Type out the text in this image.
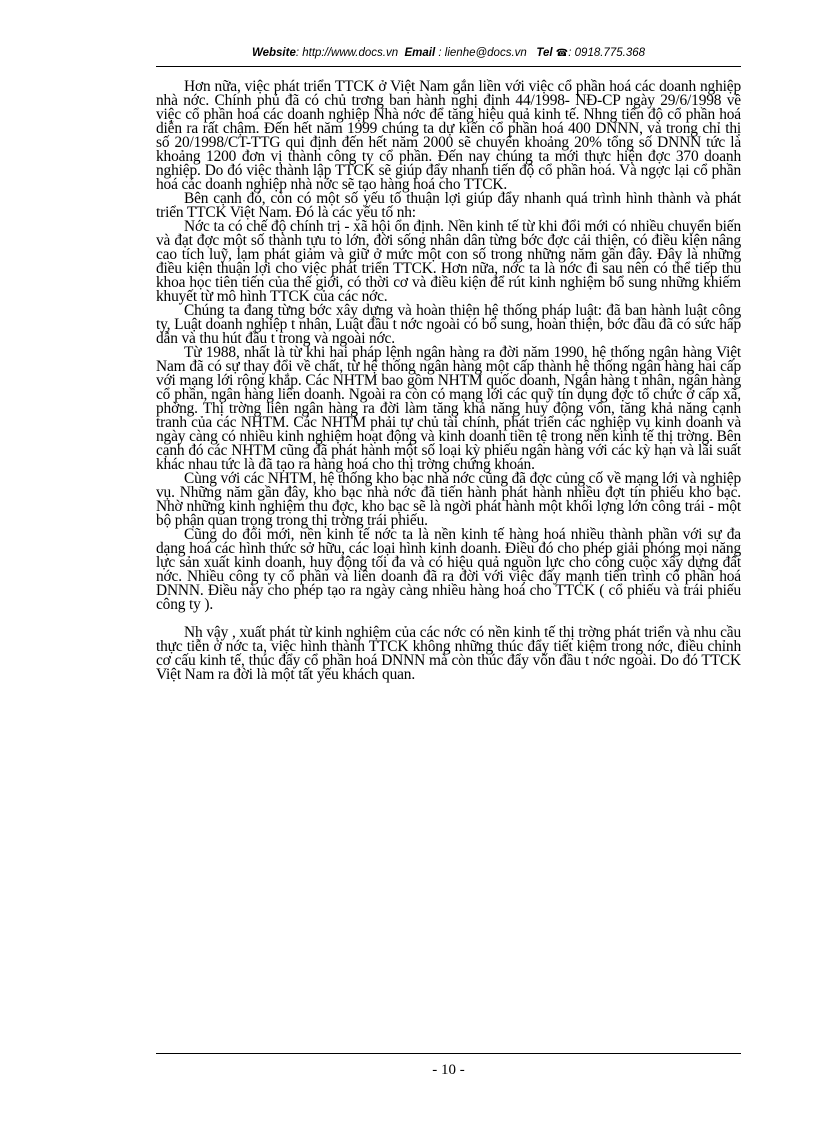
Website: http://www.docs.vn Email : lienhe@docs.vn Tel ☎: 0918.775.368

Hơn nữa, việc phát triển TTCK ở Việt Nam gắn liền với việc cổ phần hoá các doanh nghiệp nhà nớc. Chính phủ đã có chủ trơng ban hành nghị định 44/1998- NĐ-CP ngày 29/6/1998 về việc cổ phần hoá các doanh nghiệp Nhà nớc để tăng hiệu quả kinh tế. Nhng tiến độ cổ phần hoá diễn ra rất chậm. Đến hết năm 1999 chúng ta dự kiến cổ phần hoá 400 DNNN, và trong chỉ thị số 20/1998/CT-TTG qui định đến hết năm 2000 sẽ chuyển khoảng 20% tổng số DNNN tức là khoảng 1200 đơn vị thành công ty cổ phần. Đến nay chúng ta mới thực hiện đợc 370 doanh nghiệp. Do đó việc thành lập TTCK sẽ giúp đẩy nhanh tiến độ cổ phần hoá. Và ngợc lại cổ phần hoá các doanh nghiệp nhà nớc sẽ tạo hàng hoá cho TTCK.

Bên cạnh đó, còn có một số yếu tố thuận lợi giúp đẩy nhanh quá trình hình thành và phát triển TTCK Việt Nam. Đó là các yếu tố nh:

Nớc ta có chế độ chính trị - xã hội ổn định. Nền kinh tế từ khi đổi mới có nhiều chuyển biến và đạt đợc một số thành tựu to lớn, đời sống nhân dân từng bớc đợc cải thiện, có điều kiện nâng cao tích luỹ, lạm phát giảm và giữ ở mức một con số trong những năm gần đây. Đây là những điều kiện thuận lợi cho việc phát triển TTCK. Hơn nữa, nớc ta là nớc đi sau nên có thể tiếp thu khoa học tiên tiến của thế giới, có thời cơ và điều kiện để rút kinh nghiệm bổ sung những khiếm khuyết từ mô hình TTCK của các nớc.

Chúng ta đang từng bớc xây dựng và hoàn thiện hệ thống pháp luật: đã ban hành luật công ty, Luật doanh nghiệp t nhân, Luật đầu t nớc ngoài có bổ sung, hoàn thiện, bớc đầu đã có sức hấp dẫn và thu hút đầu t trong và ngoài nớc.

Từ 1988, nhất là từ khi hai pháp lệnh ngân hàng ra đời năm 1990, hệ thống ngân hàng Việt Nam đã có sự thay đổi về chất, từ hệ thống ngân hàng một cấp thành hệ thống ngân hàng hai cấp với mạng lới rộng khắp. Các NHTM bao gồm NHTM quốc doanh, Ngân hàng t nhân, ngân hàng cổ phần, ngân hàng liên doanh. Ngoài ra còn có mạng lới các quỹ tín dụng đợc tổ chức ở cấp xã, phờng. Thị trờng liên ngân hàng ra đời làm tăng khả năng huy động vốn, tăng khả năng cạnh tranh của các NHTM. Các NHTM phải tự chủ tài chính, phát triển các nghiệp vụ kinh doanh và ngày càng có nhiều kinh nghiệm hoạt động và kinh doanh tiền tệ trong nền kinh tế thị trờng. Bên cạnh đó các NHTM cũng đã phát hành một số loại kỳ phiếu ngân hàng với các kỳ hạn và lãi suất khác nhau tức là đã tạo ra hàng hoá cho thị trờng chứng khoán.

Cùng với các NHTM, hệ thống kho bạc nhà nớc cũng đã đợc củng cố về mạng lới và nghiệp vụ. Những năm gần đây, kho bạc nhà nớc đã tiến hành phát hành nhiều đợt tín phiếu kho bạc. Nhờ những kinh nghiệm thu đợc, kho bạc sẽ là ngời phát hành một khối lợng lớn công trái - một bộ phận quan trọng trong thị trờng trái phiếu.

Cũng do đổi mới, nền kinh tế nớc ta là nền kinh tế hàng hoá nhiều thành phần với sự đa dạng hoá các hình thức sở hữu, các loại hình kinh doanh. Điều đó cho phép giải phóng mọi năng lực sản xuất kinh doanh, huy động tối đa và có hiệu quả nguồn lực cho công cuộc xây dựng đất nớc. Nhiều công ty cổ phần và liên doanh đã ra đời với việc đẩy mạnh tiến trình cổ phần hoá DNNN. Điều này cho phép tạo ra ngày càng nhiều hàng hoá cho TTCK ( cổ phiếu và trái phiếu công ty ).

Nh vậy , xuất phát từ kinh nghiệm của các nớc có nền kinh tế thị trờng phát triển và nhu cầu thực tiễn ở nớc ta, việc hình thành TTCK không những thúc đẩy tiết kiệm trong nớc, điều chỉnh cơ cấu kinh tế, thúc đẩy cổ phần hoá DNNN mà còn thúc đẩy vốn đầu t nớc ngoài. Do đó TTCK Việt Nam ra đời là một tất yếu khách quan.

- 10 -
